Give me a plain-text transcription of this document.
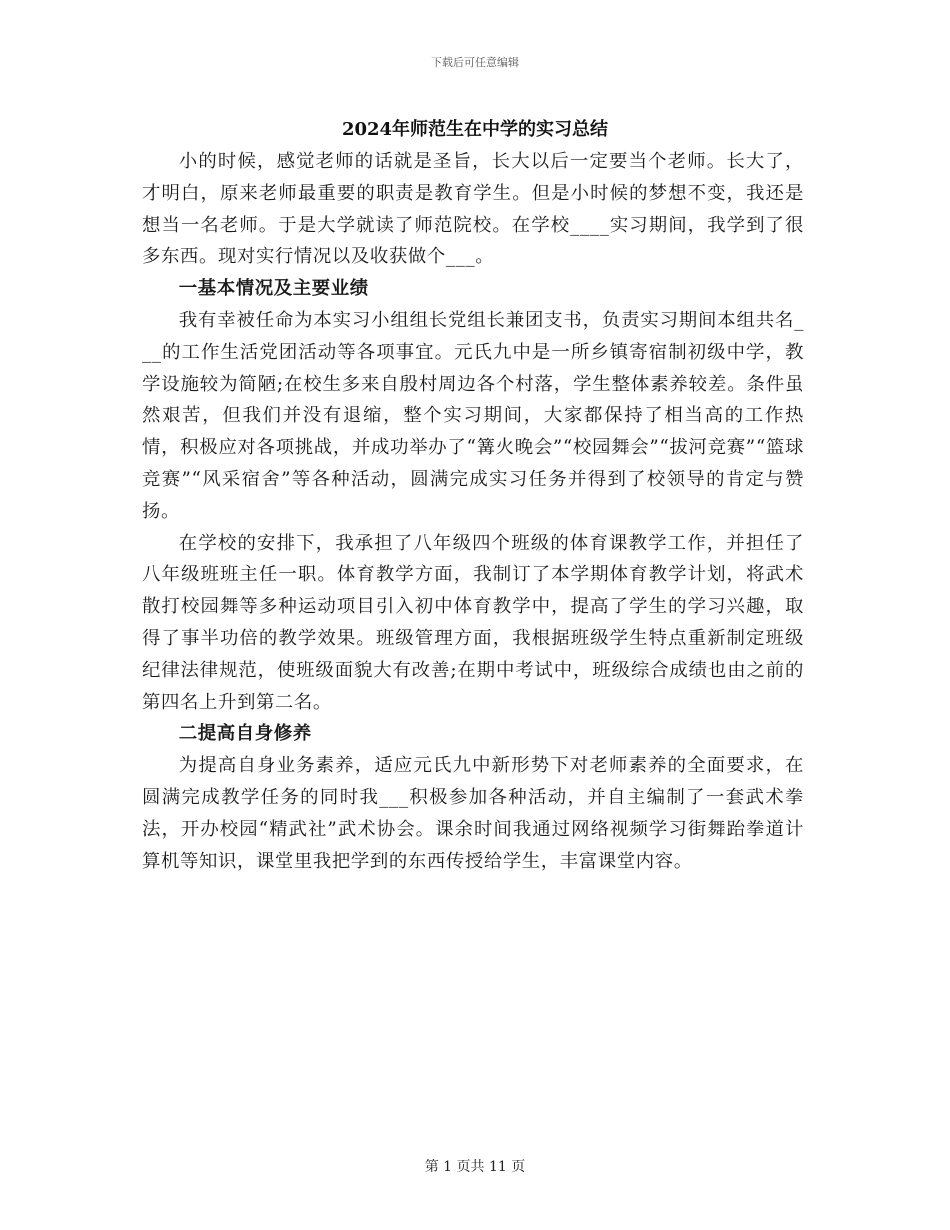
下载后可任意编辑
2024年师范生在中学的实习总结

小的时候，感觉老师的话就是圣旨，长大以后一定要当个老师。长大了，才明白，原来老师最重要的职责是教育学生。但是小时候的梦想不变，我还是想当一名老师。于是大学就读了师范院校。在学校____实习期间，我学到了很多东西。现对实行情况以及收获做个___。

一基本情况及主要业绩

我有幸被任命为本实习小组组长党组长兼团支书，负责实习期间本组共名___的工作生活党团活动等各项事宜。元氏九中是一所乡镇寄宿制初级中学，教学设施较为简陋;在校生多来自殷村周边各个村落，学生整体素养较差。条件虽然艰苦，但我们并没有退缩，整个实习期间，大家都保持了相当高的工作热情，积极应对各项挑战，并成功举办了“篝火晚会”“校园舞会”“拔河竞赛”“篮球竞赛”“风采宿舍”等各种活动，圆满完成实习任务并得到了校领导的肯定与赞扬。

在学校的安排下，我承担了八年级四个班级的体育课教学工作，并担任了八年级班班主任一职。体育教学方面，我制订了本学期体育教学计划，将武术散打校园舞等多种运动项目引入初中体育教学中，提高了学生的学习兴趣，取得了事半功倍的教学效果。班级管理方面，我根据班级学生特点重新制定班级纪律法律规范，使班级面貌大有改善;在期中考试中，班级综合成绩也由之前的第四名上升到第二名。

二提高自身修养

为提高自身业务素养，适应元氏九中新形势下对老师素养的全面要求，在圆满完成教学任务的同时我___积极参加各种活动，并自主编制了一套武术拳法，开办校园“精武社”武术协会。课余时间我通过网络视频学习街舞跆拳道计算机等知识，课堂里我把学到的东西传授给学生，丰富课堂内容。

第 1 页共 11 页
